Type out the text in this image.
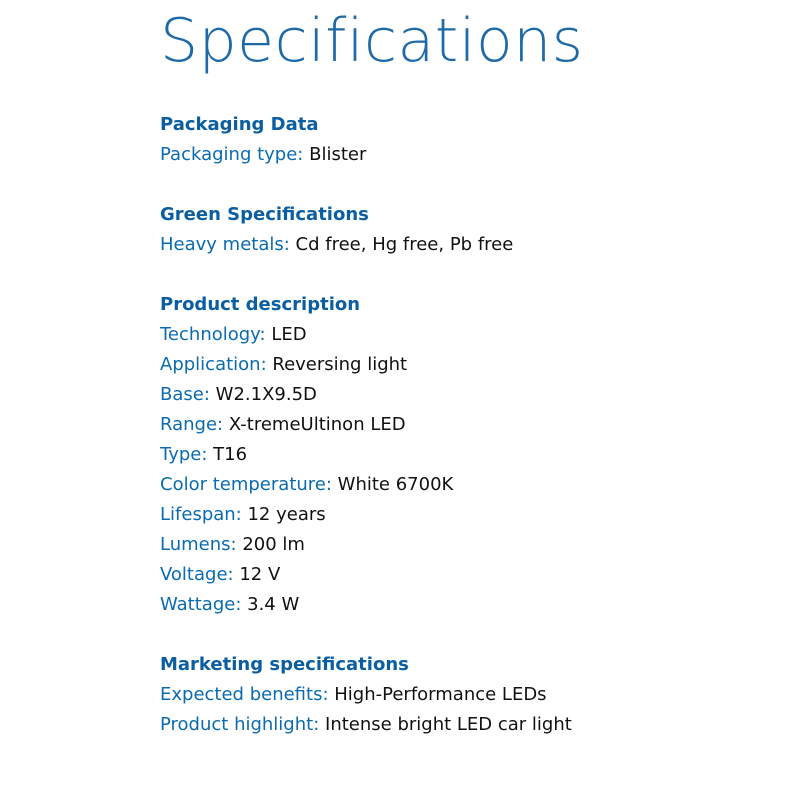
Specifications
Packaging Data
Packaging type: Blister
Green Specifications
Heavy metals: Cd free, Hg free, Pb free
Product description
Technology: LED
Application: Reversing light
Base: W2.1X9.5D
Range: X-tremeUltinon LED
Type: T16
Color temperature: White 6700K
Lifespan: 12 years
Lumens: 200 lm
Voltage: 12 V
Wattage: 3.4 W
Marketing specifications
Expected benefits: High-Performance LEDs
Product highlight: Intense bright LED car light
